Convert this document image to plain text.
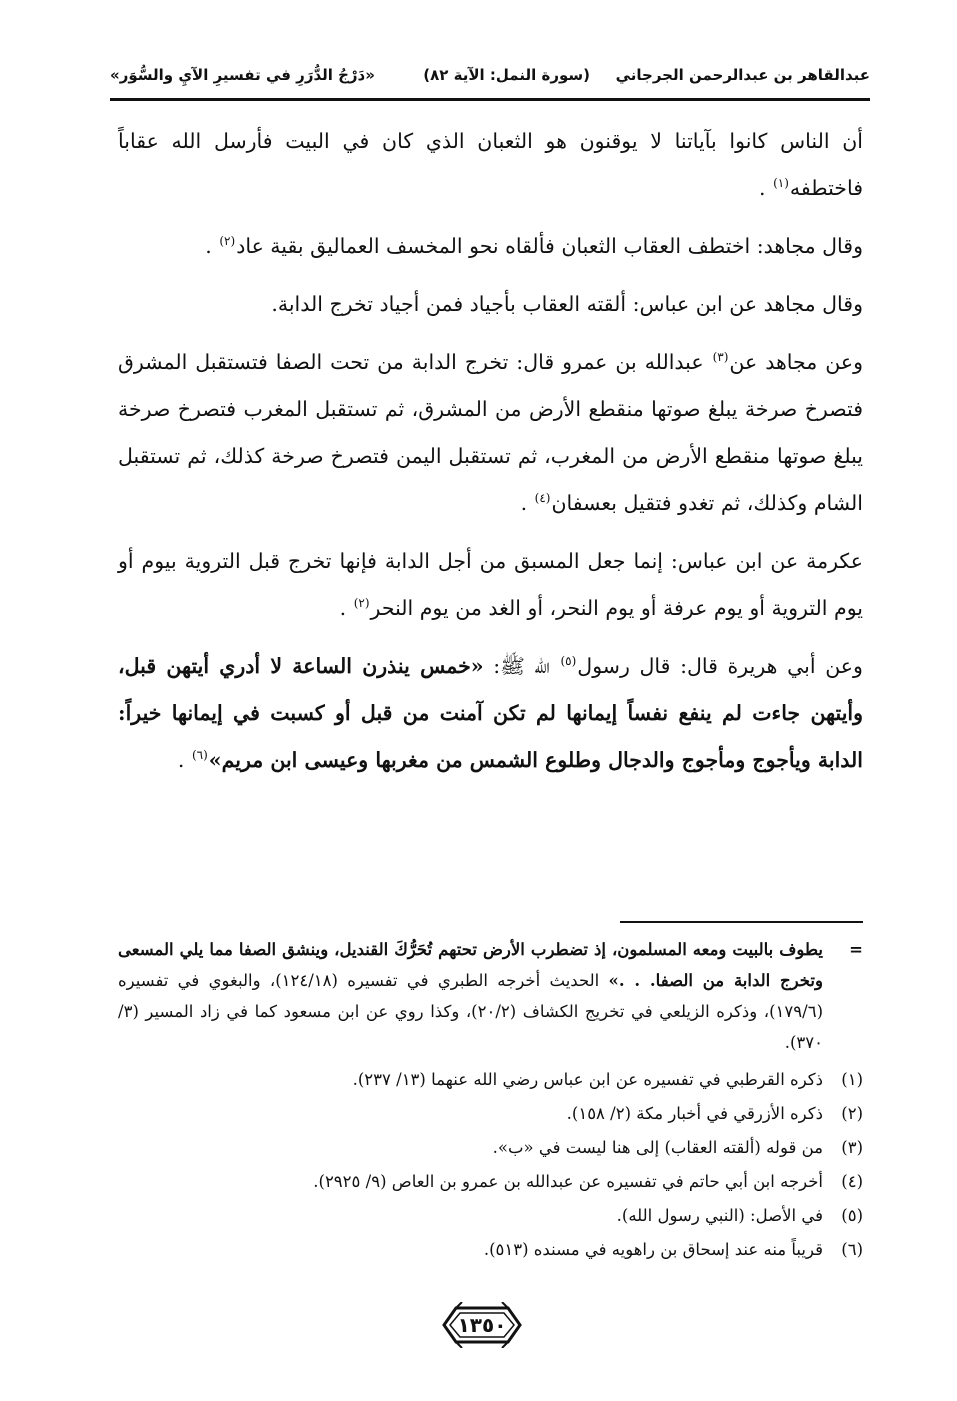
عبدالقاهر بن عبدالرحمن الجرجاني
(سورة النمل: الآية ٨٢)
«دَرْجُ الدُّرَرِ في تفسيرِ الآيِ والسُّوَر»

أن الناس كانوا بآياتنا لا يوقنون هو الثعبان الذي كان في البيت فأرسل الله عقاباً فاختطفه$^{(١)}$ .

وقال مجاهد: اختطف العقاب الثعبان فألقاه نحو المخسف العماليق بقية عاد$^{(٢)}$ .

وقال مجاهد عن ابن عباس: ألقته العقاب بأجياد فمن أجياد تخرج الدابة.

وعن مجاهد عن$^{(٣)}$ عبدالله بن عمرو قال: تخرج الدابة من تحت الصفا فتستقبل المشرق فتصرخ صرخة يبلغ صوتها منقطع الأرض من المشرق، ثم تستقبل المغرب فتصرخ صرخة يبلغ صوتها منقطع الأرض من المغرب، ثم تستقبل اليمن فتصرخ صرخة كذلك، ثم تستقبل الشام وكذلك، ثم تغدو فتقيل بعسفان$^{(٤)}$ .

عكرمة عن ابن عباس: إنما جعل المسبق من أجل الدابة فإنها تخرج قبل التروية بيوم أو يوم التروية أو يوم عرفة أو يوم النحر، أو الغد من يوم النحر$^{(٢)}$ .

وعن أبي هريرة قال: قال رسول$^{(٥)}$ الله ﷺ: «خمس ينذرن الساعة لا أدري أيتهن قبل، وأيتهن جاءت لم ينفع نفساً إيمانها لم تكن آمنت من قبل أو كسبت في إيمانها خيراً: الدابة ويأجوج ومأجوج والدجال وطلوع الشمس من مغربها وعيسى ابن مريم»$^{(٦)}$ .

=
يطوف بالبيت ومعه المسلمون، إذ تضطرب الأرض تحتهم تُحَرُّكَ القنديل، وينشق الصفا مما يلي المسعى وتخرج الدابة من الصفا. . .» الحديث أخرجه الطبري في تفسيره (١٢٤/١٨)، والبغوي في تفسيره (١٧٩/٦)، وذكره الزيلعي في تخريج الكشاف (٢٠/٢)، وكذا روي عن ابن مسعود كما في زاد المسير (٣/ ٣٧٠).
(١)
ذكره القرطبي في تفسيره عن ابن عباس رضي الله عنهما (١٣/ ٢٣٧).
(٢)
ذكره الأزرقي في أخبار مكة (٢/ ١٥٨).
(٣)
من قوله (ألقته العقاب) إلى هنا ليست في «ب».
(٤)
أخرجه ابن أبي حاتم في تفسيره عن عبدالله بن عمرو بن العاص (٩/ ٢٩٢٥).
(٥)
في الأصل: (النبي رسول الله).
(٦)
قريباً منه عند إسحاق بن راهويه في مسنده (٥١٣).
١٣٥٠
